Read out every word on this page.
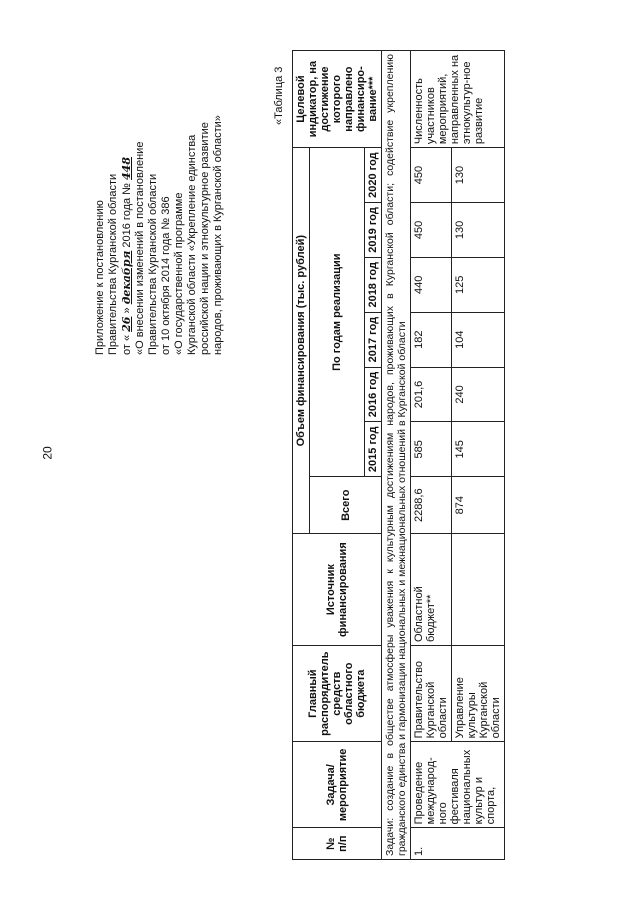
20
Приложение к постановлению Правительства Курганской области от « 26 » декабря 2016 года № 448 «О внесении изменений в постановление Правительства Курганской области от 10 октября 2014 года № 386 «О государственной программе Курганской области «Укрепление единства российской нации и этнокультурное развитие народов, проживающих в Курганской области»
«Таблица 3
№ п/п	Задача/ мероприятие	Главный распорядитель средств областного бюджета	Источник финансирования	Объем финансирования (тыс. рублей)							Целевой индикатор, на достижение которого направлено финансиро-вание***
				Всего	По годам реализации						
					2015 год	2016 год	2017 год	2018 год	2019 год	2020 год	
Задачи: создание в обществе атмосферы уважения к культурным достижениям народов, проживающих в Курганской области; содействие укреплению гражданского единства и гармонизации национальных и межнациональных отношений в Курганской области											
1.	Проведение международ-ного фестиваля национальных культур и спорта,	Правительство Курганской области	Областной бюджет**	2288,6	585	201,6	182	440	450	450	Численность участников мероприятий, направленных на этнокультур-ное развитие

		Управление культуры Курганской области		874	145	240	104	125	130	130	
